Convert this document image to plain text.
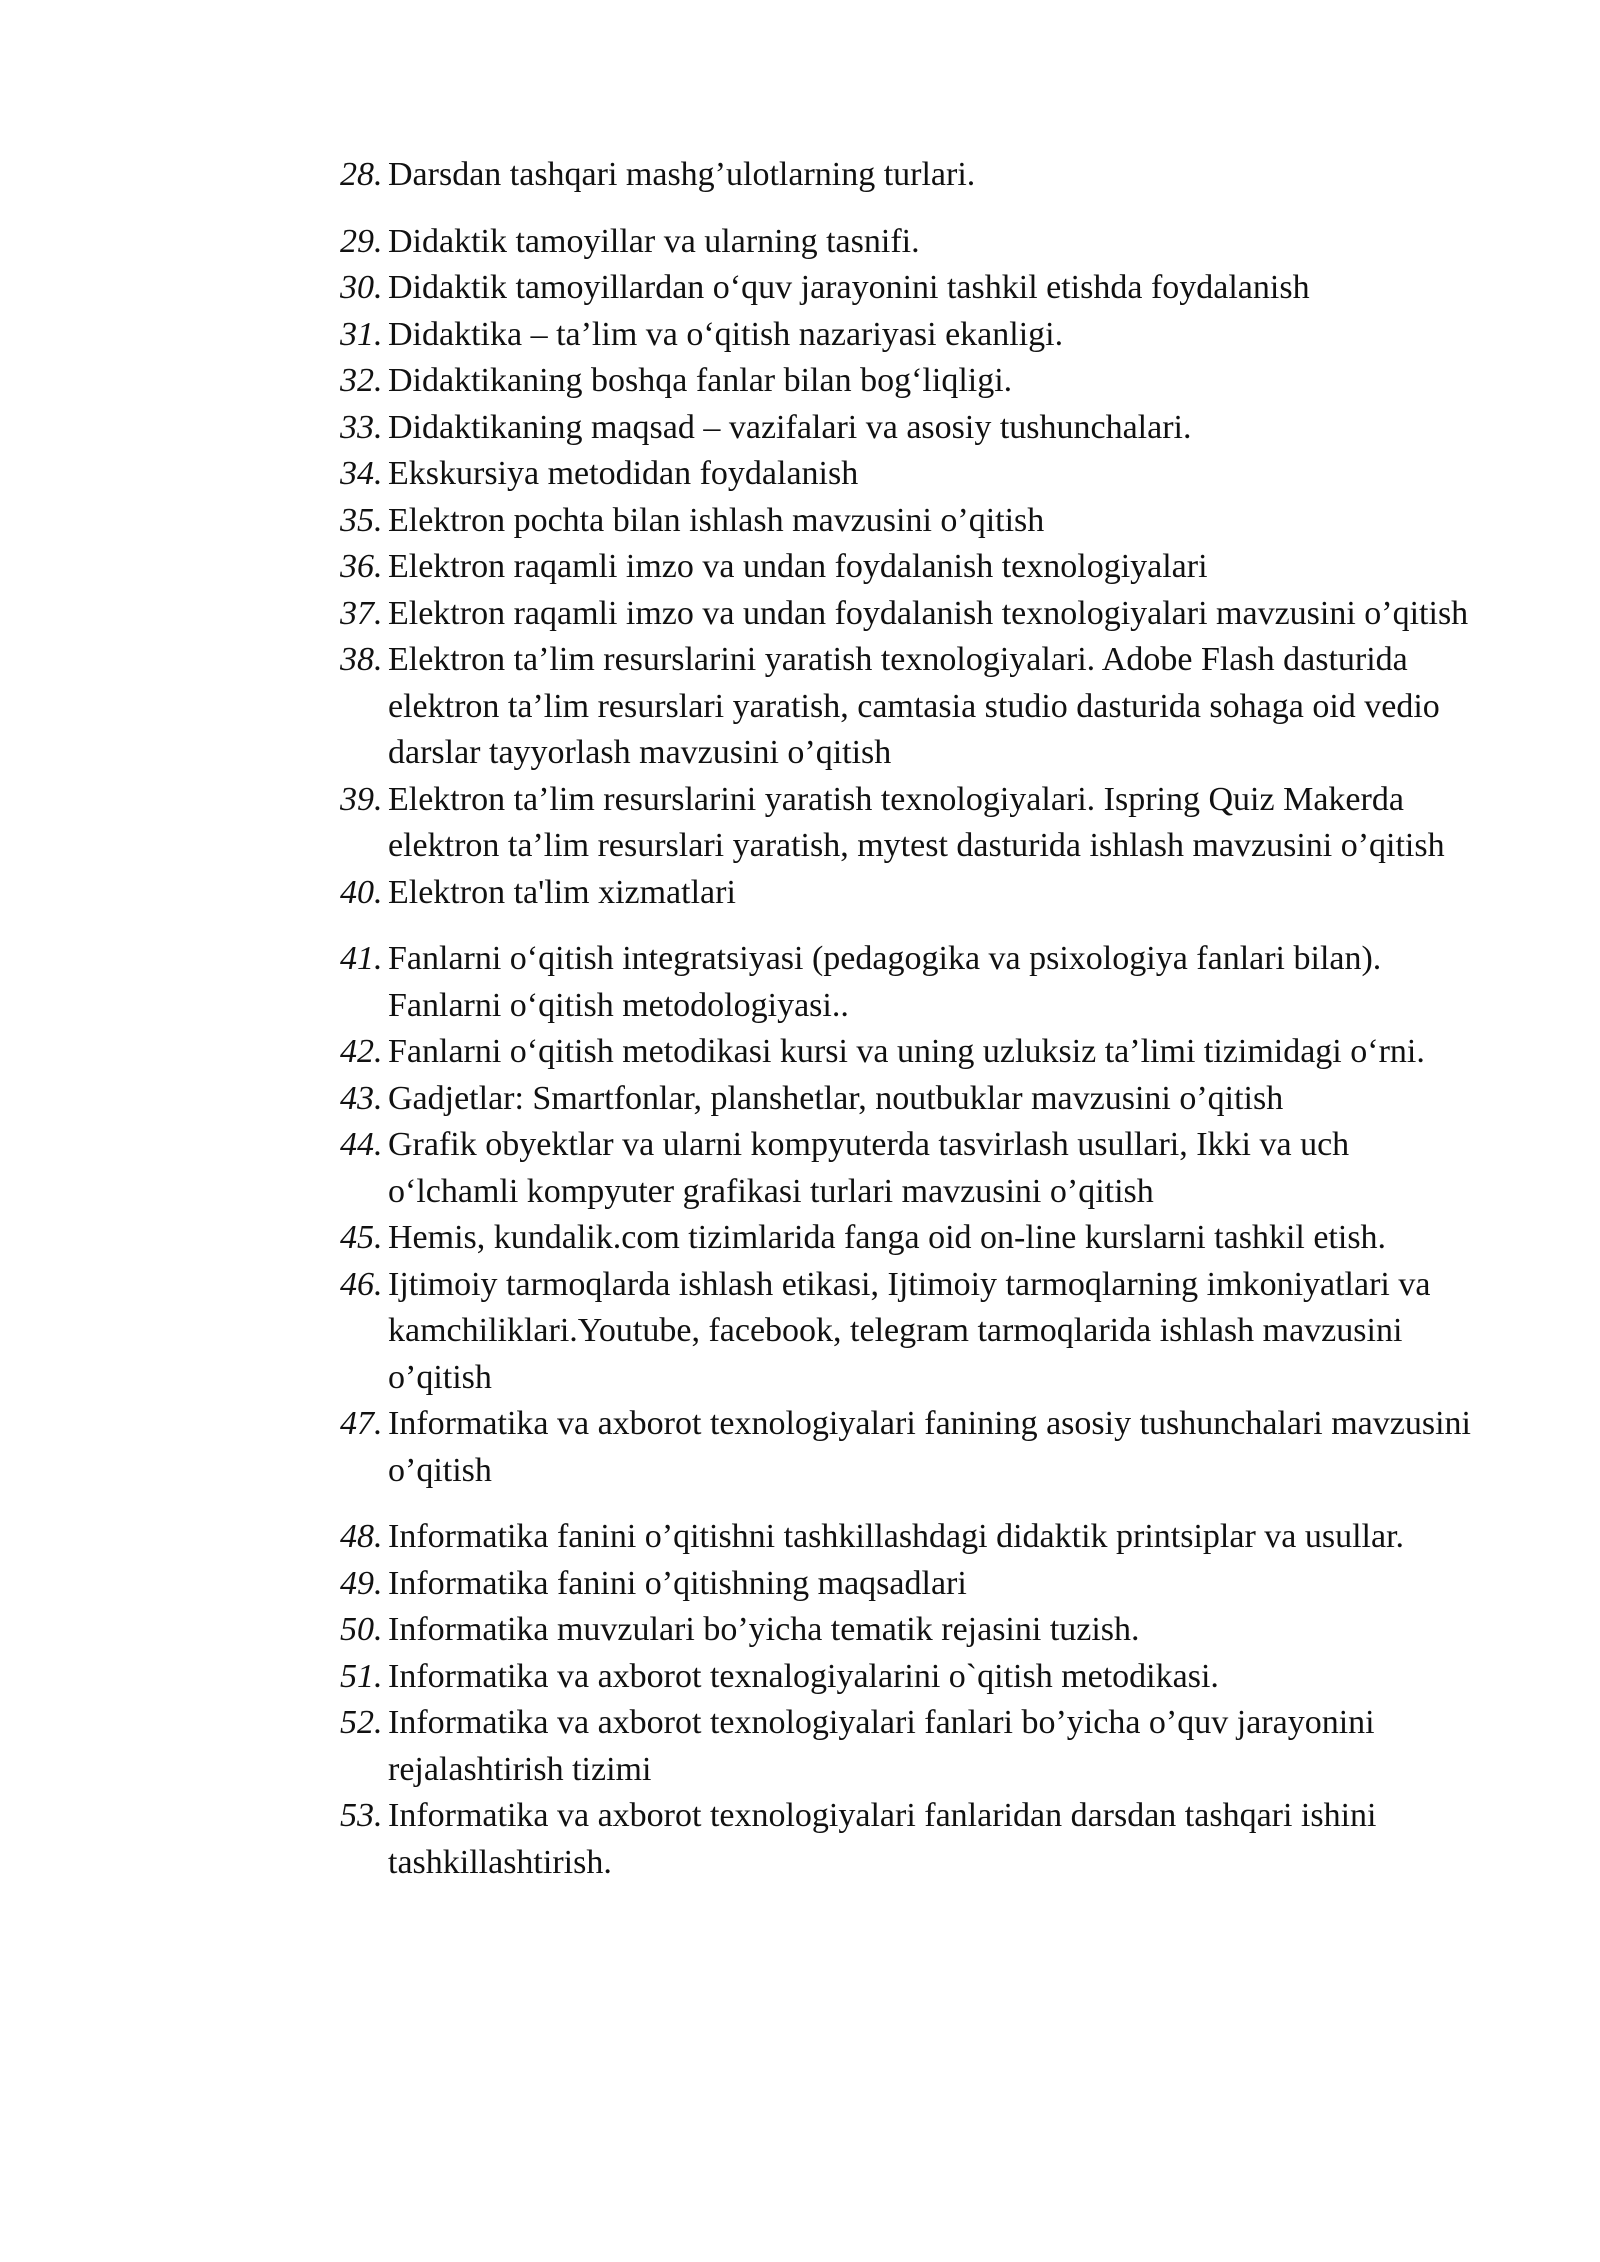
28. Darsdan tashqari mashg’ulotlarning turlari.
29. Didaktik tamoyillar va ularning tasnifi.
30. Didaktik tamoyillardan o‘quv jarayonini tashkil etishda foydalanish
31. Didaktika – ta’lim va o‘qitish nazariyasi ekanligi.
32. Didaktikaning boshqa fanlar bilan bog‘liqligi.
33. Didaktikaning maqsad – vazifalari va asosiy tushunchalari.
34. Ekskursiya metodidan foydalanish
35. Elektron pochta bilan ishlash mavzusini o’qitish
36. Elektron raqamli imzo va undan foydalanish texnologiyalari
37. Elektron raqamli imzo va undan foydalanish texnologiyalari mavzusini o’qitish
38. Elektron ta’lim resurslarini yaratish texnologiyalari. Adobe Flash dasturida elektron ta’lim resurslari yaratish, camtasia studio dasturida sohaga oid vedio darslar tayyorlash mavzusini o’qitish
39. Elektron ta’lim resurslarini yaratish texnologiyalari. Ispring Quiz Makerda elektron ta’lim resurslari yaratish, mytest dasturida ishlash mavzusini o’qitish
40. Elektron ta'lim xizmatlari
41. Fanlarni o‘qitish integratsiyasi (pedagogika va psixologiya fanlari bilan). Fanlarni o‘qitish metodologiyasi..
42. Fanlarni o‘qitish metodikasi kursi va uning uzluksiz ta’limi tizimidagi o‘rni.
43. Gadjetlar: Smartfonlar, planshetlar, noutbuklar mavzusini o’qitish
44. Grafik obyektlar va ularni kompyuterda tasvirlash usullari, Ikki va uch o‘lchamli kompyuter grafikasi turlari mavzusini o’qitish
45. Hemis, kundalik.com tizimlarida fanga oid on-line kurslarni tashkil etish.
46. Ijtimoiy tarmoqlarda ishlash etikasi, Ijtimoiy tarmoqlarning imkoniyatlari va kamchiliklari.Youtube, facebook, telegram tarmoqlarida ishlash mavzusini o’qitish
47. Informatika va axborot texnologiyalari fanining asosiy tushunchalari mavzusini o’qitish
48. Informatika fanini o’qitishni tashkillashdagi didaktik printsiplar va usullar.
49. Informatika fanini o’qitishning maqsadlari
50. Informatika muvzulari bo’yicha tematik rejasini tuzish.
51. Informatika va axborot texnalogiyalarini o`qitish metodikasi.
52. Informatika va axborot texnologiyalari fanlari bo’yicha o’quv jarayonini rejalashtirish tizimi
53. Informatika va axborot texnologiyalari fanlaridan darsdan tashqari ishini tashkillashtirish.
